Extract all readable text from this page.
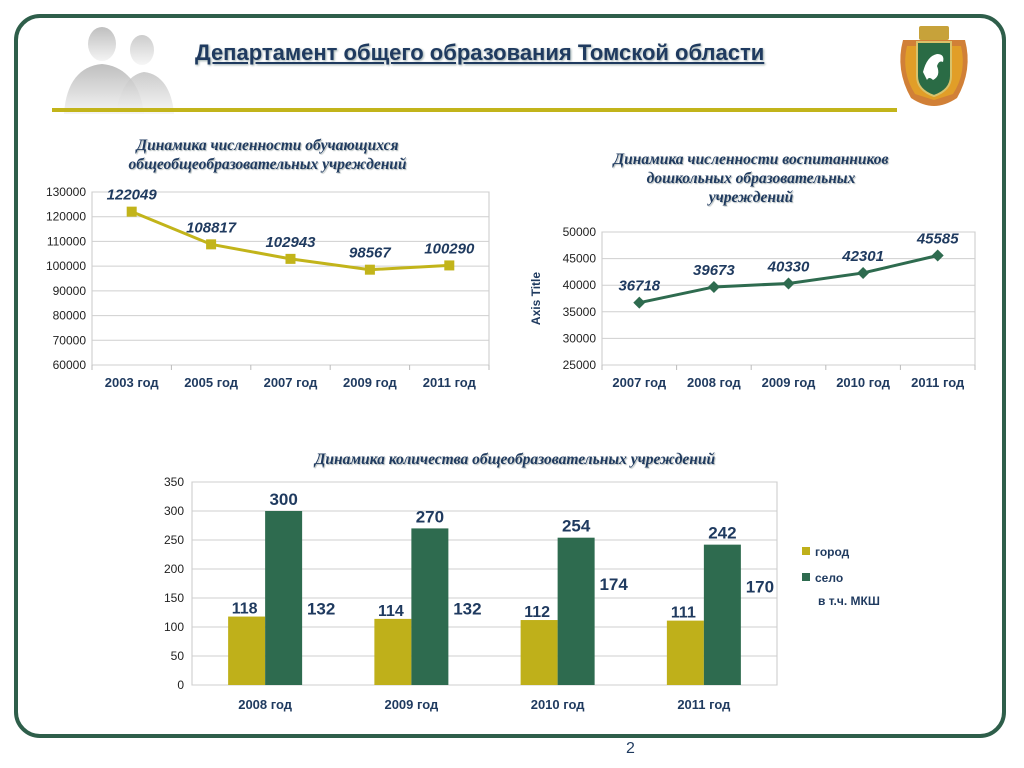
Департамент общего образования Томской области
Динамика численности обучающихся
общеобщеобразовательных учреждений
60000
70000
80000
90000
100000
110000
120000
130000
2003 год 2005 год 2007 год 2009 год 2011 год
122049
108817
102943
98567 100290
Динамика численности воспитанников
дошкольных образовательных
учреждений
25000
30000
35000
40000
45000
50000
2007 год 2008 год 2009 год 2010 год 2011 год
36718
39673 40330
42301
45585
Axis Title
Динамика количества общеобразовательных учреждений
0
50
100
150
200
250
300
350
118
300
132
2008 год
114
270
132
2009 год
112
254
174
2010 год
111
242
170
2011 год
город
село
в т.ч. МКШ
2
